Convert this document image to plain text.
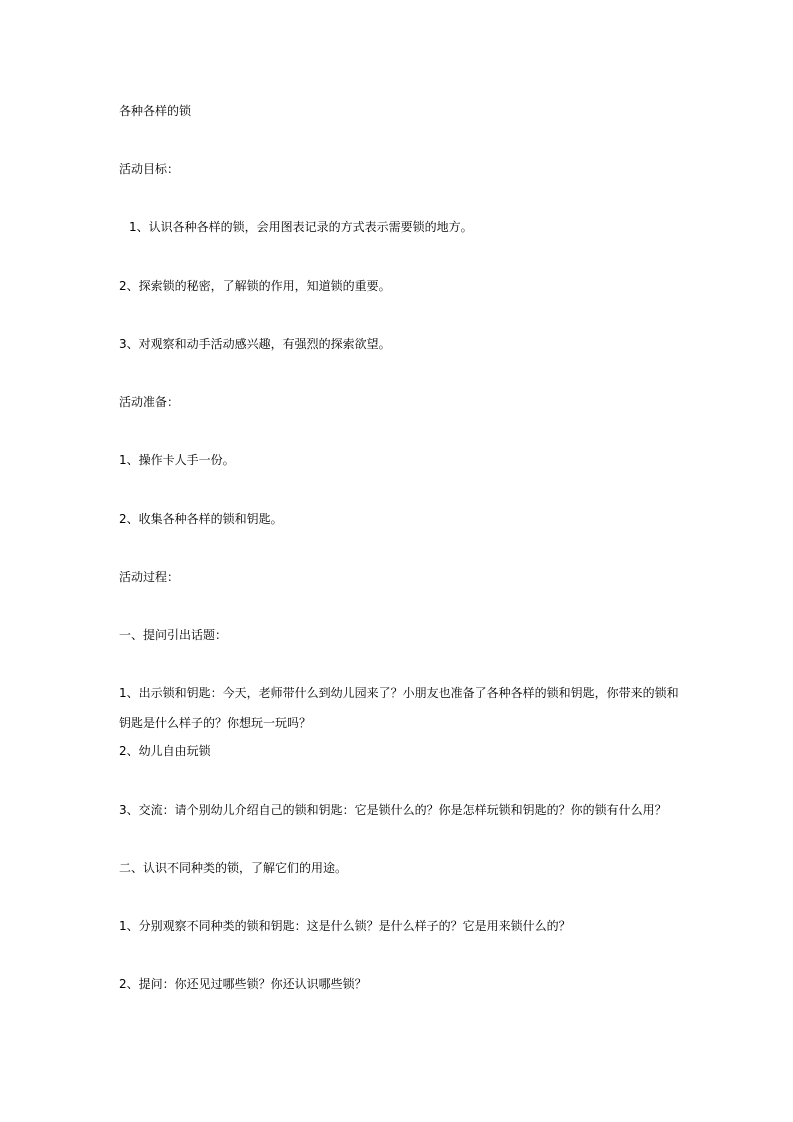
各种各样的锁
活动目标：
1、认识各种各样的锁，会用图表记录的方式表示需要锁的地方。
2、探索锁的秘密，了解锁的作用，知道锁的重要。
3、对观察和动手活动感兴趣，有强烈的探索欲望。
活动准备：
1、操作卡人手一份。
2、收集各种各样的锁和钥匙。
活动过程：
一、提问引出话题：
1、出示锁和钥匙：今天，老师带什么到幼儿园来了？小朋友也准备了各种各样的锁和钥匙，你带来的锁和
钥匙是什么样子的？你想玩一玩吗？
2、幼儿自由玩锁
3、交流：请个别幼儿介绍自己的锁和钥匙：它是锁什么的？你是怎样玩锁和钥匙的？你的锁有什么用？
二、认识不同种类的锁，了解它们的用途。
1、分别观察不同种类的锁和钥匙：这是什么锁？是什么样子的？它是用来锁什么的？
2、提问：你还见过哪些锁？你还认识哪些锁？
